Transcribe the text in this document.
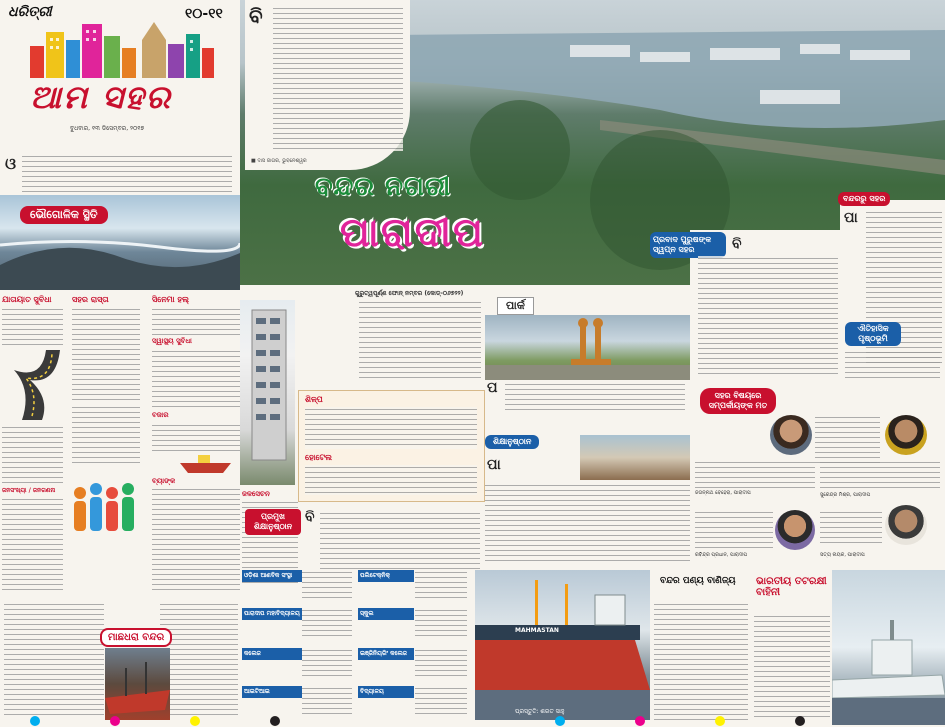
ଧରିତ୍ରୀ	୧୦-୧୧
ଆମ ସହର
ବୁଧବାର, ୧୩ ଡିସେମ୍ବର, ୨୦୧୭
ଓ
ଭୌଗୋଳିକ ସ୍ଥିତି
ବି
■ ଦାସ ଜାଗର, ଭୁବନେଶ୍ୱର
ବନ୍ଦର ନଗରୀ
ପାରାଦୀପ
ବନ୍ଦରରୁ ସହର
ପା
ଐତିହାସିକ ପୃଷ୍ଠଭୂମି
ପ୍ରବାଦ ପୁରୁଷଙ୍କ ସ୍ୱପ୍ନ ସହର	ବି
ଗୁରୁତ୍ୱପୂର୍ଣ୍ଣ ଫୋନ୍ ନମ୍ବର (କୋଡ୍-୦୬୭୨୨)
ପାର୍କ
ପ
ଶିକ୍ଷାନୁଷ୍ଠାନ
ପା
ସହର ବିଷୟରେ ସମ୍ପର୍କୀୟଙ୍କ ମତ
ଜଗନ୍ନାଥ ବେହେରା, ପାରାଦୀପ	ସୁରେନ୍ଦ୍ର ମିଶ୍ର, ପାରାଦୀପ
ରବିନ୍ଦ୍ର ପ୍ରଧାନ, ପାରାଦୀପ	ସତ୍ୟ ନାୟକ, ପାରାଦୀପ
ଯାତାୟାତ ସୁବିଧା
ଜନସଂଖ୍ୟା / ଜନଗଣନା
ସହର ରାସ୍ତା	ସିନେମା ହଲ୍
ସ୍ୱାସ୍ଥ୍ୟ ସୁବିଧା
ବଜାର
ବ୍ୟାଙ୍କ
ଶିଳ୍ପ
ହୋଟେଲ
ଜଳସେଚନ
ପ୍ରମୁଖ ଶିକ୍ଷାନୁଷ୍ଠାନ
ବି
ଓଡ଼ିଶା ଆଣବିକ ସଂସ୍ଥା
ପାରାଦୀପ ମହାବିଦ୍ୟାଳୟ
କଲେଜ
ଆଇଟିଆଇ
ପଲିଟେକ୍ନିକ୍
ସ୍କୁଲ
ଇଞ୍ଜିନିୟରିଂ କଲେଜ
ବିଦ୍ୟାଳୟ
ମାଛଧରା ବନ୍ଦର
MAHMASTAN
ପ୍ରସ୍ତୁତି: ଶରତ ସାହୁ
ବନ୍ଦର ପଣ୍ୟ ବାଣିଜ୍ୟ ଭାରତୀୟ ତଟରକ୍ଷୀ ବାହିନୀ
